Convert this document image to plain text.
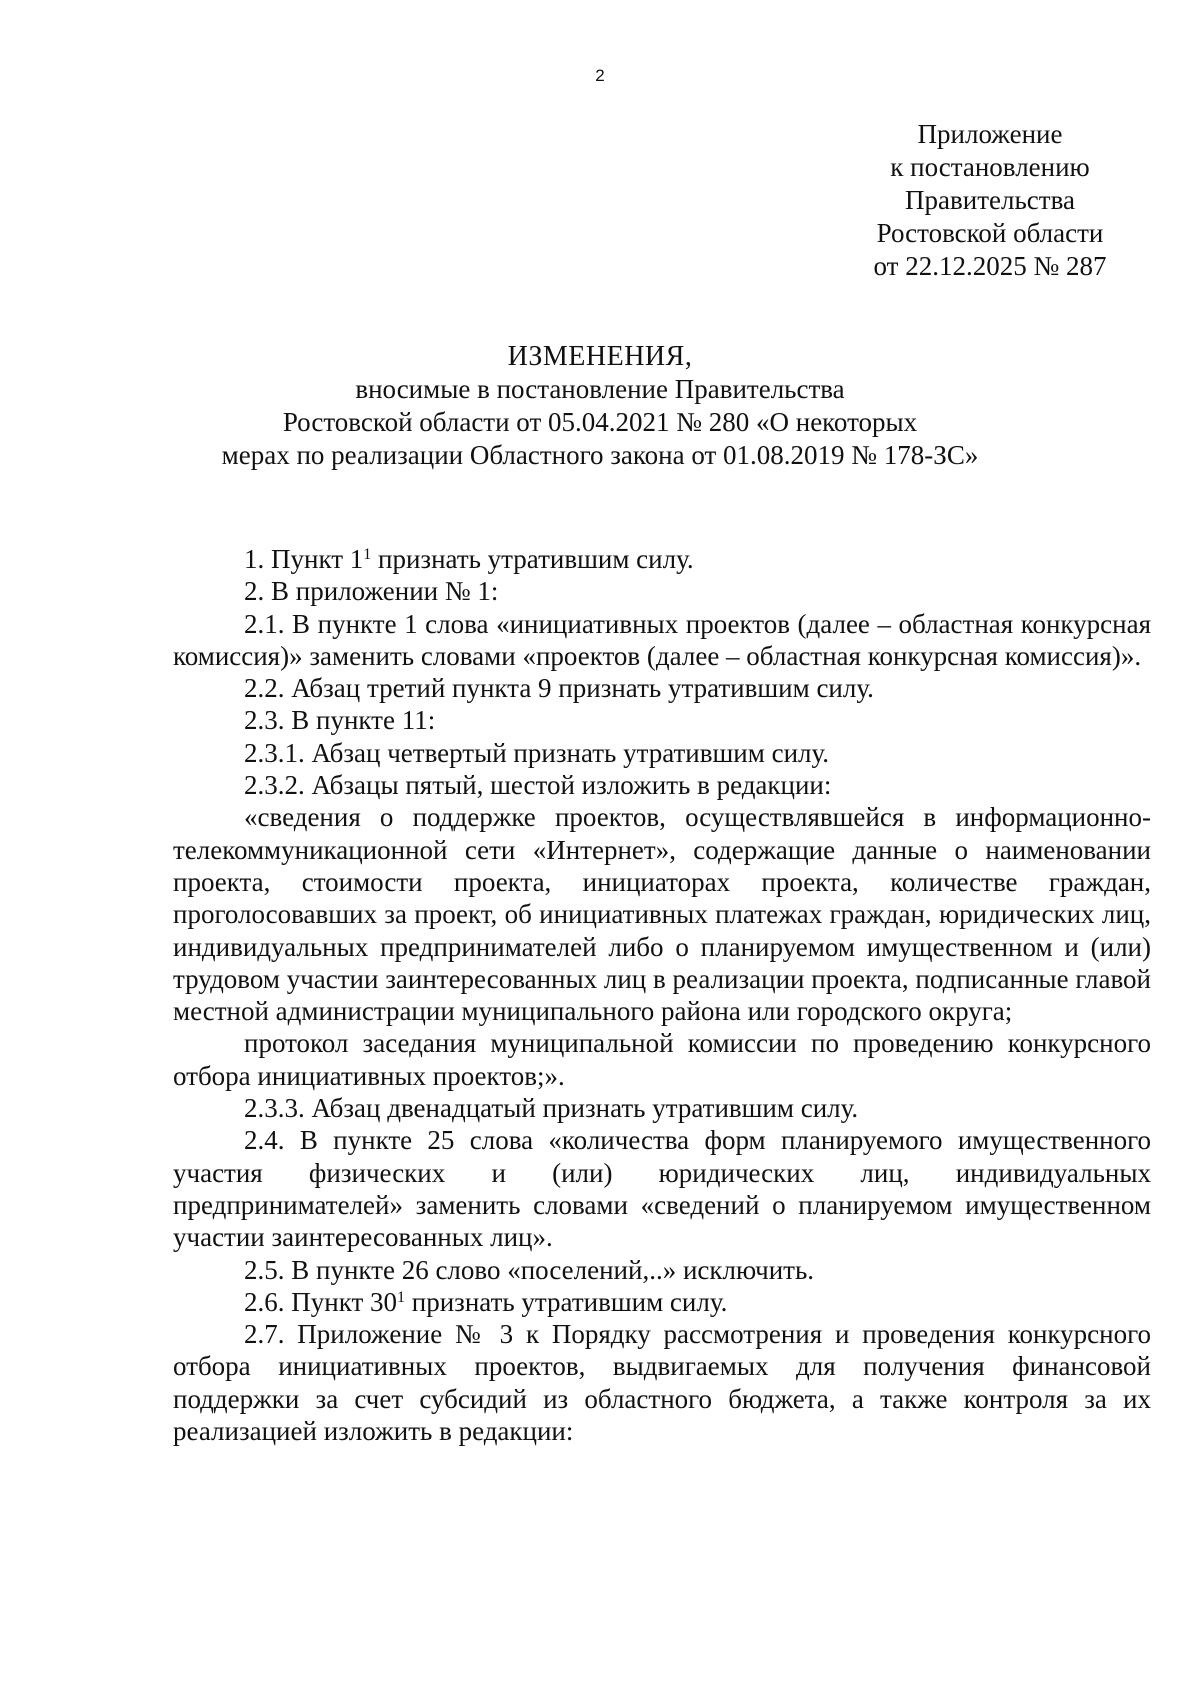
2
Приложение
к постановлению
Правительства
Ростовской области
от 22.12.2025 № 287
ИЗМЕНЕНИЯ,
вносимые в постановление Правительства
Ростовской области от 05.04.2021 № 280 «О некоторых
мерах по реализации Областного закона от 01.08.2019 № 178-ЗС»

1. Пункт $1^1$ признать утратившим силу.

2. В приложении № 1:

2.1. В пункте 1 слова «инициативных проектов (далее – областная конкурсная комиссия)» заменить словами «проектов (далее – областная конкурсная комиссия)».

2.2. Абзац третий пункта 9 признать утратившим силу.

2.3. В пункте 11:

2.3.1. Абзац четвертый признать утратившим силу.

2.3.2. Абзацы пятый, шестой изложить в редакции:

«сведения о поддержке проектов, осуществлявшейся в информационно-телекоммуникационной сети «Интернет», содержащие данные о наименовании проекта, стоимости проекта, инициаторах проекта, количестве граждан, проголосовавших за проект, об инициативных платежах граждан, юридических лиц, индивидуальных предпринимателей либо о планируемом имущественном и (или) трудовом участии заинтересованных лиц в реализации проекта, подписанные главой местной администрации муниципального района или городского округа;

протокол заседания муниципальной комиссии по проведению конкурсного отбора инициативных проектов;».

2.3.3. Абзац двенадцатый признать утратившим силу.

2.4. В пункте 25 слова «количества форм планируемого имущественного участия физических и (или) юридических лиц, индивидуальных предпринимателей» заменить словами «сведений о планируемом имущественном участии заинтересованных лиц».

2.5. В пункте 26 слово «поселений,..» исключить.

2.6. Пункт $30^1$ признать утратившим силу.

2.7. Приложение № 3 к Порядку рассмотрения и проведения конкурсного отбора инициативных проектов, выдвигаемых для получения финансовой поддержки за счет субсидий из областного бюджета, а также контроля за их реализацией изложить в редакции:
